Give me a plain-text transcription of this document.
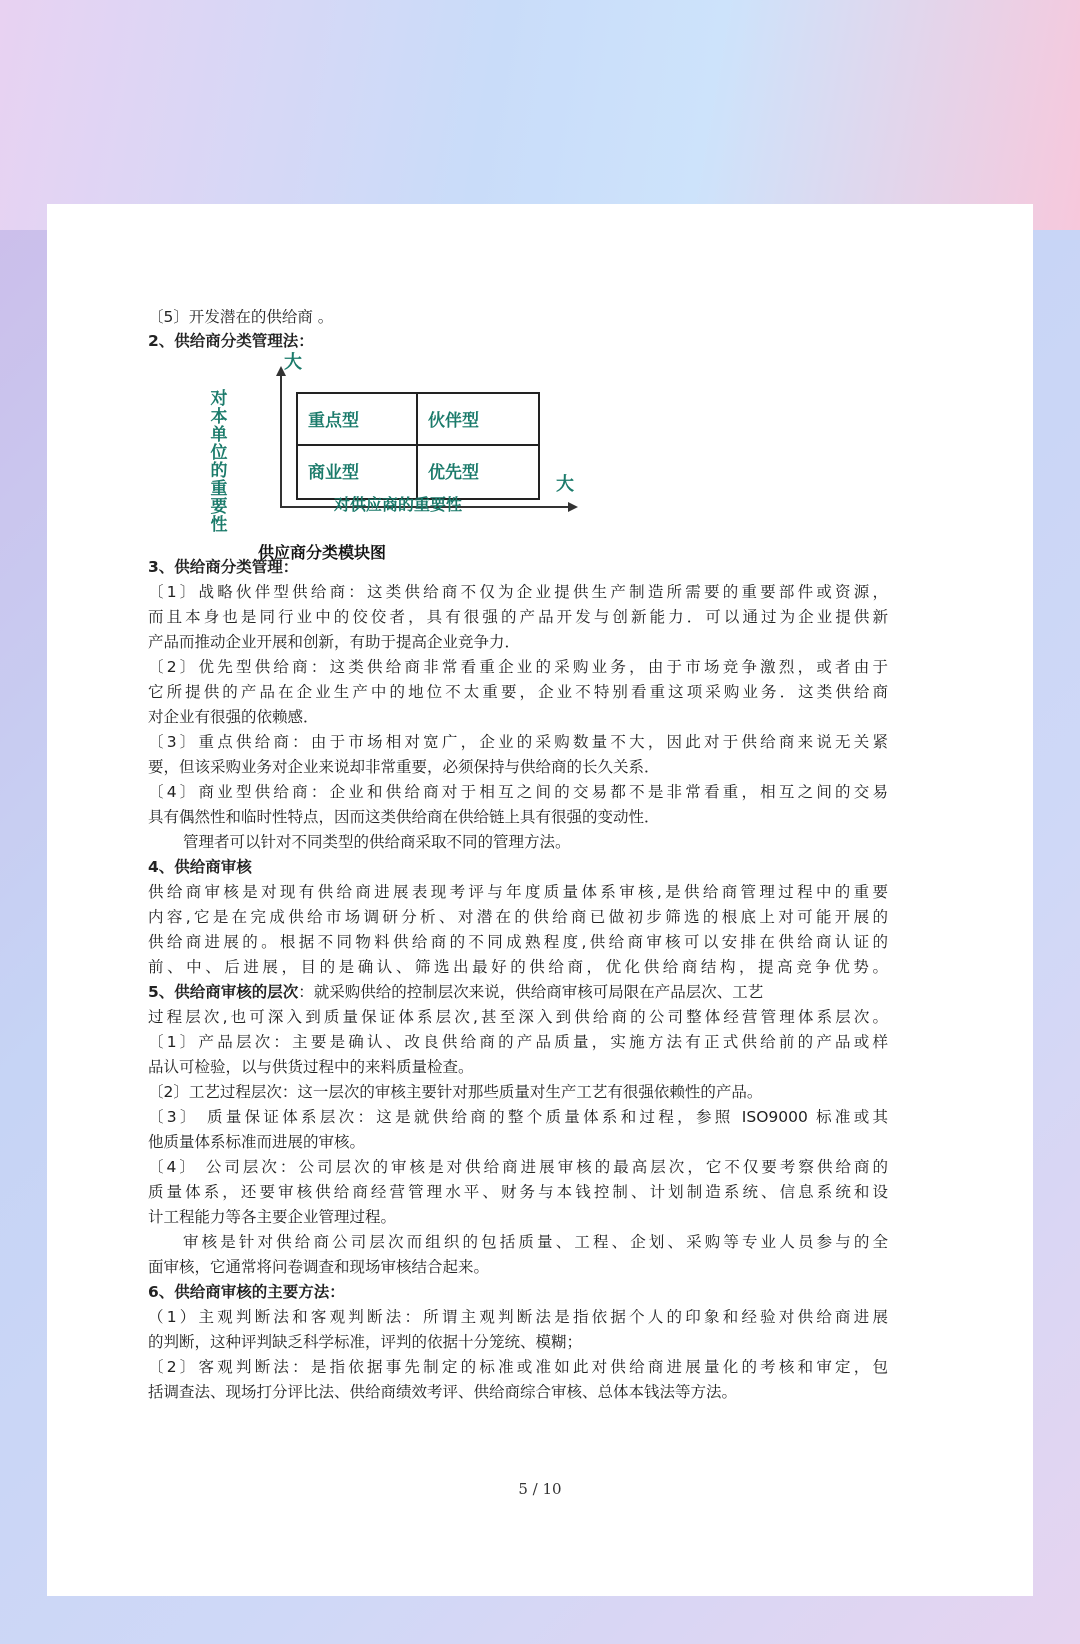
对本单位的重要性
大
大
重点型	伙伴型
商业型	优先型
对供应商的重要性
供应商分类模块图
〔5〕开发潜在的供给商 。
2、供给商分类管理法：
3、供给商分类管理：
〔1〕战略伙伴型供给商：这类供给商不仅为企业提供生产制造所需要的重要部件或资源，
而且本身也是同行业中的佼佼者，具有很强的产品开发与创新能力．可以通过为企业提供新
产品而推动企业开展和创新，有助于提高企业竞争力．
〔2〕优先型供给商：这类供给商非常看重企业的采购业务，由于市场竞争激烈，或者由于
它所提供的产品在企业生产中的地位不太重要，企业不特别看重这项采购业务．这类供给商
对企业有很强的依赖感．
〔3〕重点供给商：由于市场相对宽广，企业的采购数量不大，因此对于供给商来说无关紧
要，但该采购业务对企业来说却非常重要，必须保持与供给商的长久关系．
〔4〕商业型供给商：企业和供给商对于相互之间的交易都不是非常看重，相互之间的交易
具有偶然性和临时性特点，因而这类供给商在供给链上具有很强的变动性．
管理者可以针对不同类型的供给商采取不同的管理方法。
4、供给商审核
供给商审核是对现有供给商进展表现考评与年度质量体系审核,是供给商管理过程中的重要
内容,它是在完成供给市场调研分析、对潜在的供给商已做初步筛选的根底上对可能开展的
供给商进展的。根据不同物料供给商的不同成熟程度,供给商审核可以安排在供给商认证的
前、中、后进展，目的是确认、筛选出最好的供给商，优化供给商结构，提高竞争优势。
5、供给商审核的层次：就采购供给的控制层次来说，供给商审核可局限在产品层次、工艺
过程层次,也可深入到质量保证体系层次,甚至深入到供给商的公司整体经营管理体系层次。
〔1〕产品层次：主要是确认、改良供给商的产品质量，实施方法有正式供给前的产品或样
品认可检验，以与供货过程中的来料质量检查。
〔2〕工艺过程层次：这一层次的审核主要针对那些质量对生产工艺有很强依赖性的产品。
〔3〕 质量保证体系层次：这是就供给商的整个质量体系和过程，参照 ISO9000 标准或其
他质量体系标准而进展的审核。
〔4〕 公司层次：公司层次的审核是对供给商进展审核的最高层次，它不仅要考察供给商的
质量体系，还要审核供给商经营管理水平、财务与本钱控制、计划制造系统、信息系统和设
计工程能力等各主要企业管理过程。
审核是针对供给商公司层次而组织的包括质量、工程、企划、采购等专业人员参与的全
面审核，它通常将问卷调查和现场审核结合起来。
6、供给商审核的主要方法：
（1）主观判断法和客观判断法：所谓主观判断法是指依据个人的印象和经验对供给商进展
的判断，这种评判缺乏科学标准，评判的依据十分笼统、模糊；
〔2〕客观判断法：是指依据事先制定的标准或准如此对供给商进展量化的考核和审定，包
括调查法、现场打分评比法、供给商绩效考评、供给商综合审核、总体本钱法等方法。
5 / 10
